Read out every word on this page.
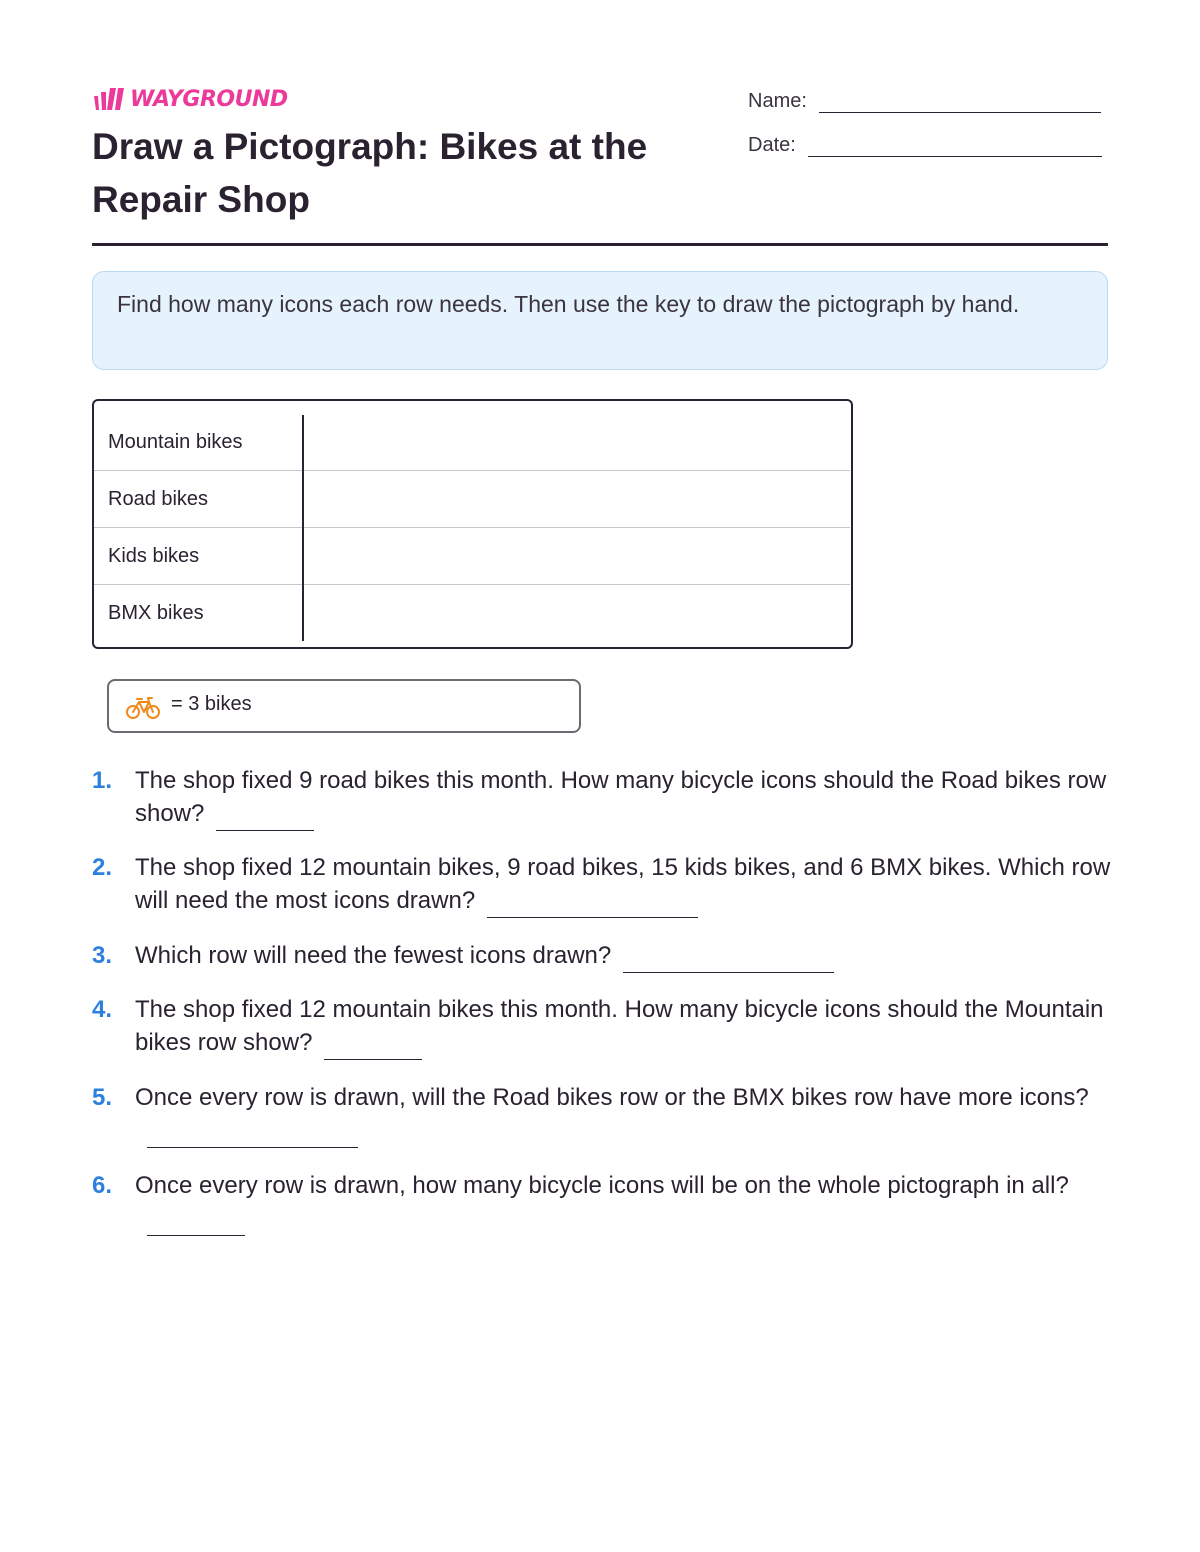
WAYGROUND
Draw a Pictograph: Bikes at the Repair Shop
Name:
Date:
Find how many icons each row needs. Then use the key to draw the pictograph by hand.
Mountain bikes
Road bikes
Kids bikes
BMX bikes
= 3 bikes
1. The shop fixed 9 road bikes this month. How many bicycle icons should the Road bikes row show?
2. The shop fixed 12 mountain bikes, 9 road bikes, 15 kids bikes, and 6 BMX bikes. Which row will need the most icons drawn?
3. Which row will need the fewest icons drawn?
4. The shop fixed 12 mountain bikes this month. How many bicycle icons should the Mountain bikes row show?
5. Once every row is drawn, will the Road bikes row or the BMX bikes row have more icons?
6. Once every row is drawn, how many bicycle icons will be on the whole pictograph in all?
